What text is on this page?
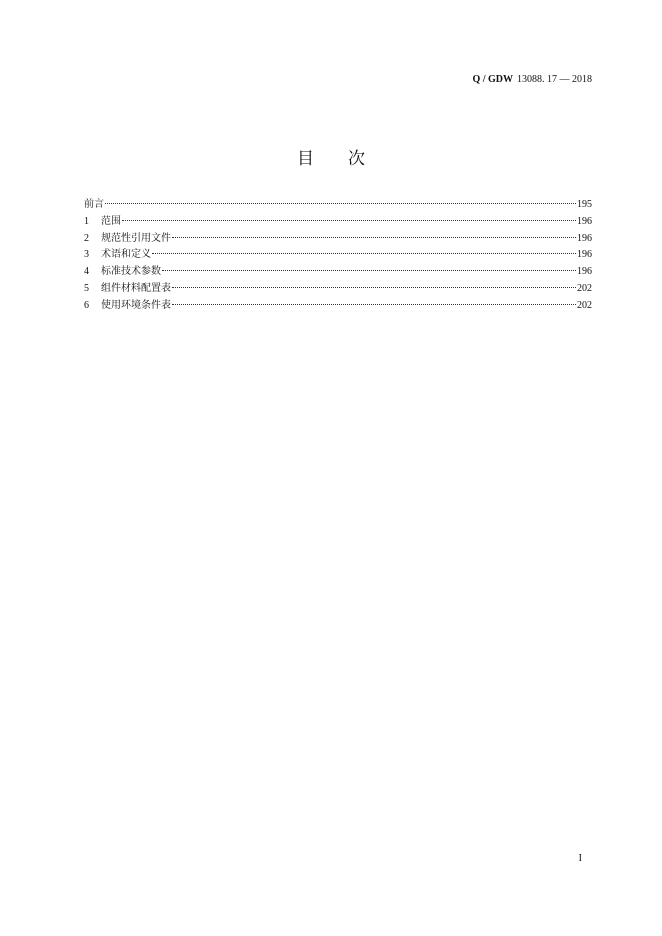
Q / GDW 13088. 17 — 2018
目次
前言	195
1	范围	196
2	规范性引用文件	196
3	术语和定义	196
4	标准技术参数	196
5	组件材料配置表	202
6	使用环境条件表	202
I
